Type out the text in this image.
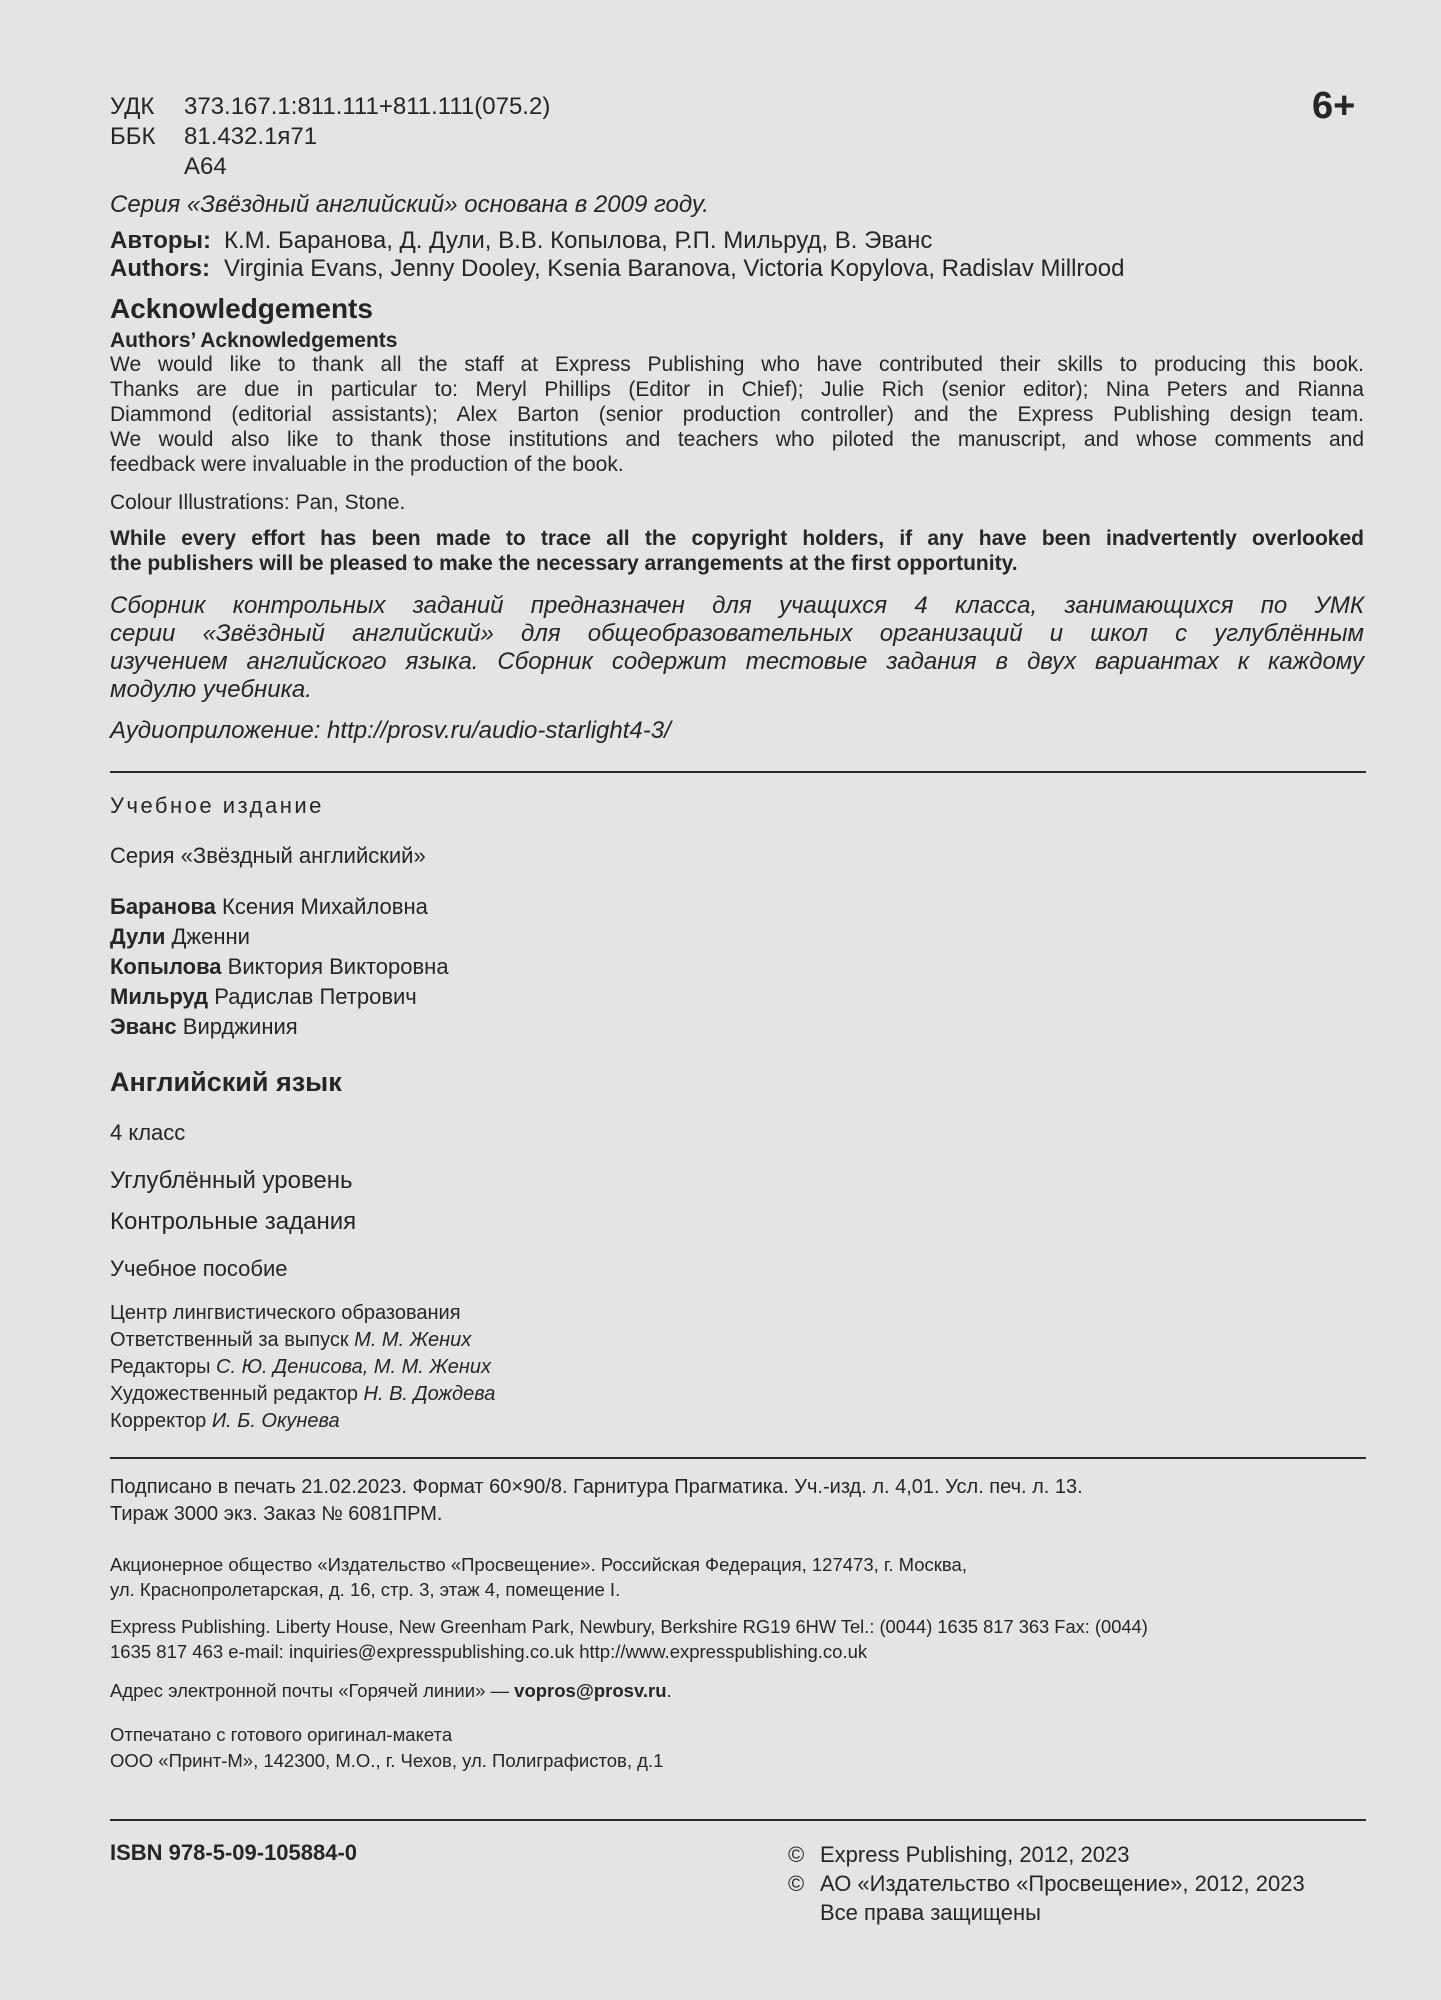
УДК 373.167.1:811.111+811.111(075.2)
ББК 81.432.1я71
А64
6+
Серия «Звёздный английский» основана в 2009 году.
Авторы: К.М. Баранова, Д. Дули, В.В. Копылова, Р.П. Мильруд, В. Эванс
Authors: Virginia Evans, Jenny Dooley, Ksenia Baranova, Victoria Kopylova, Radislav Millrood
Acknowledgements
Authors’ Acknowledgements
We would like to thank all the staff at Express Publishing who have contributed their skills to producing this book.
Thanks are due in particular to: Meryl Phillips (Editor in Chief); Julie Rich (senior editor); Nina Peters and Rianna
Diammond (editorial assistants); Alex Barton (senior production controller) and the Express Publishing design team.
We would also like to thank those institutions and teachers who piloted the manuscript, and whose comments and
feedback were invaluable in the production of the book.
Colour Illustrations: Pan, Stone.
While every effort has been made to trace all the copyright holders, if any have been inadvertently overlooked
the publishers will be pleased to make the necessary arrangements at the first opportunity.
Сборник контрольных заданий предназначен для учащихся 4 класса, занимающихся по УМК
серии «Звёздный английский» для общеобразовательных организаций и школ с углублённым
изучением английского языка. Сборник содержит тестовые задания в двух вариантах к каждому
модулю учебника.
Аудиоприложение: http://prosv.ru/audio-starlight4-3/
Учебное издание
Серия «Звёздный английский»
Баранова Ксения Михайловна
Дули Дженни
Копылова Виктория Викторовна
Мильруд Радислав Петрович
Эванс Вирджиния
Английский язык
4 класс
Углублённый уровень
Контрольные задания
Учебное пособие
Центр лингвистического образования
Ответственный за выпуск М. М. Жених
Редакторы С. Ю. Денисова, М. М. Жених
Художественный редактор Н. В. Дождева
Корректор И. Б. Окунева
Подписано в печать 21.02.2023. Формат 60×90/8. Гарнитура Прагматика. Уч.-изд. л. 4,01. Усл. печ. л. 13.
Тираж 3000 экз. Заказ № 6081ПРМ.
Акционерное общество «Издательство «Просвещение». Российская Федерация, 127473, г. Москва,
ул. Краснопролетарская, д. 16, стр. 3, этаж 4, помещение I.
Express Publishing. Liberty House, New Greenham Park, Newbury, Berkshire RG19 6HW Tel.: (0044) 1635 817 363 Fax: (0044)
1635 817 463 e-mail: inquiries@expresspublishing.co.uk http://www.expresspublishing.co.uk
Адрес электронной почты «Горячей линии» — vopros@prosv.ru.
Отпечатано с готового оригинал-макета
ООО «Принт-М», 142300, М.О., г. Чехов, ул. Полиграфистов, д.1
ISBN 978-5-09-105884-0	© Express Publishing, 2012, 2023
© АО «Издательство «Просвещение», 2012, 2023
Все права защищены
